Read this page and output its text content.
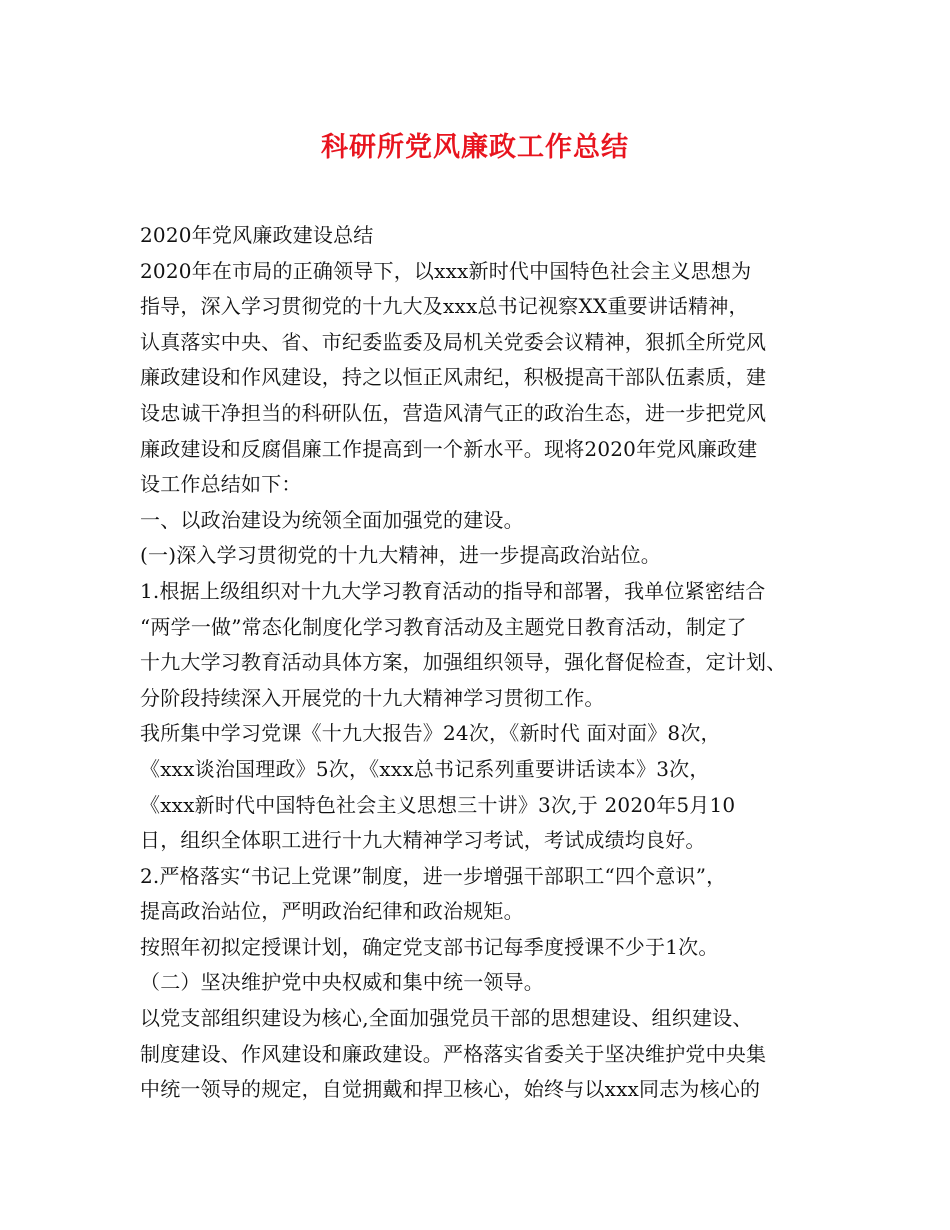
科研所党风廉政工作总结
2020年党风廉政建设总结
2020年在市局的正确领导下，以xxx新时代中国特色社会主义思想为
指导，深入学习贯彻党的十九大及xxx总书记视察XX重要讲话精神，
认真落实中央、省、市纪委监委及局机关党委会议精神，狠抓全所党风
廉政建设和作风建设，持之以恒正风肃纪，积极提高干部队伍素质，建
设忠诚干净担当的科研队伍，营造风清气正的政治生态，进一步把党风
廉政建设和反腐倡廉工作提高到一个新水平。现将2020年党风廉政建
设工作总结如下：
一、以政治建设为统领全面加强党的建设。
(一)深入学习贯彻党的十九大精神，进一步提高政治站位。
1.根据上级组织对十九大学习教育活动的指导和部署，我单位紧密结合
“两学一做”常态化制度化学习教育活动及主题党日教育活动，制定了
十九大学习教育活动具体方案，加强组织领导，强化督促检查，定计划、
分阶段持续深入开展党的十九大精神学习贯彻工作。
我所集中学习党课《十九大报告》24次，《新时代 面对面》8次，
《xxx谈治国理政》5次，《xxx总书记系列重要讲话读本》3次，
《xxx新时代中国特色社会主义思想三十讲》3次,于 2020年5月10
日，组织全体职工进行十九大精神学习考试，考试成绩均良好。
2.严格落实“书记上党课”制度，进一步增强干部职工“四个意识”，
提高政治站位，严明政治纪律和政治规矩。
按照年初拟定授课计划，确定党支部书记每季度授课不少于1次。
（二）坚决维护党中央权威和集中统一领导。
以党支部组织建设为核心,全面加强党员干部的思想建设、组织建设、
制度建设、作风建设和廉政建设。严格落实省委关于坚决维护党中央集
中统一领导的规定，自觉拥戴和捍卫核心，始终与以xxx同志为核心的
